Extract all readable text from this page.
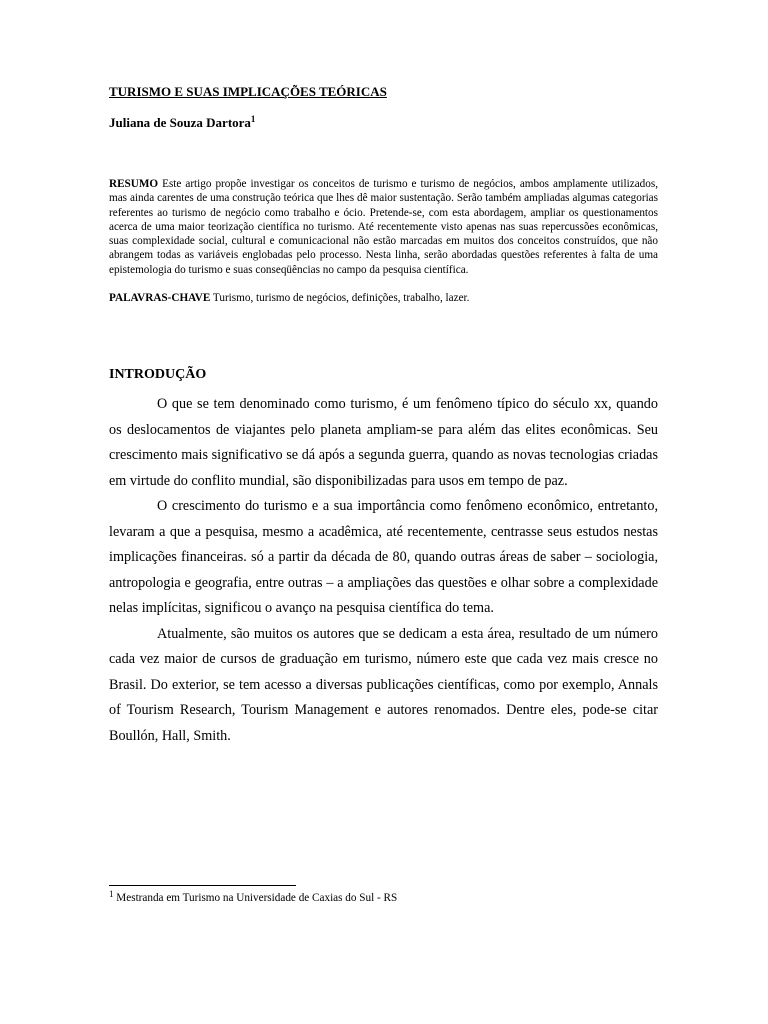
TURISMO E SUAS IMPLICAÇÕES TEÓRICAS

Juliana de Souza Dartora$^1$

RESUMO Este artigo propõe investigar os conceitos de turismo e turismo de negócios, ambos amplamente utilizados, mas ainda carentes de uma construção teórica que lhes dê maior sustentação. Serão também ampliadas algumas categorias referentes ao turismo de negócio como trabalho e ócio. Pretende-se, com esta abordagem, ampliar os questionamentos acerca de uma maior teorização científica no turismo. Até recentemente visto apenas nas suas repercussões econômicas, suas complexidade social, cultural e comunicacional não estão marcadas em muitos dos conceitos construídos, que não abrangem todas as variáveis englobadas pelo processo. Nesta linha, serão abordadas questões referentes à falta de uma epistemologia do turismo e suas conseqüências no campo da pesquisa científica.

PALAVRAS-CHAVE Turismo, turismo de negócios, definições, trabalho, lazer.

INTRODUÇÃO

O que se tem denominado como turismo, é um fenômeno típico do século xx, quando os deslocamentos de viajantes pelo planeta ampliam-se para além das elites econômicas. Seu crescimento mais significativo se dá após a segunda guerra, quando as novas tecnologias criadas em virtude do conflito mundial, são disponibilizadas para usos em tempo de paz.

O crescimento do turismo e a sua importância como fenômeno econômico, entretanto, levaram a que a pesquisa, mesmo a acadêmica, até recentemente, centrasse seus estudos nestas implicações financeiras. só a partir da década de 80, quando outras áreas de saber – sociologia, antropologia e geografia, entre outras – a ampliações das questões e olhar sobre a complexidade nelas implícitas, significou o avanço na pesquisa científica do tema.

Atualmente, são muitos os autores que se dedicam a esta área, resultado de um número cada vez maior de cursos de graduação em turismo, número este que cada vez mais cresce no Brasil. Do exterior, se tem acesso a diversas publicações científicas, como por exemplo, Annals of Tourism Research, Tourism Management e autores renomados. Dentre eles, pode-se citar Boullón, Hall, Smith.

$^1$ Mestranda em Turismo na Universidade de Caxias do Sul - RS
